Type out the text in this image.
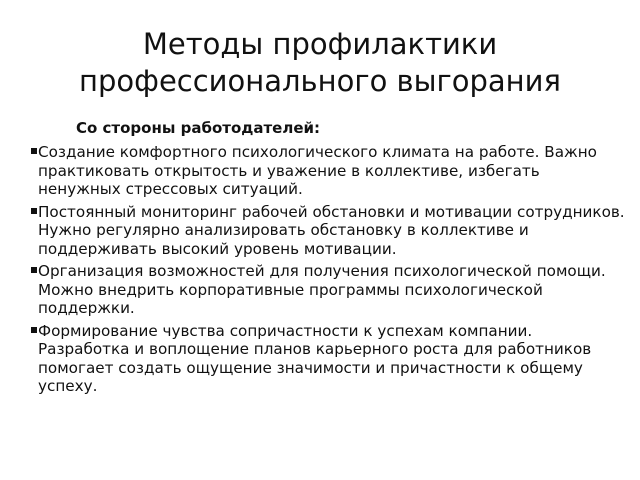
Методы профилактики
профессионального выгорания
Со стороны работодателей:
Создание комфортного психологического климата на работе. Важно практиковать открытость и уважение в коллективе, избегать ненужных стрессовых ситуаций.
Постоянный мониторинг рабочей обстановки и мотивации сотрудников. Нужно регулярно анализировать обстановку в коллективе и поддерживать высокий уровень мотивации.
Организация возможностей для получения психологической помощи. Можно внедрить корпоративные программы психологической поддержки.
Формирование чувства сопричастности к успехам компании. Разработка и воплощение планов карьерного роста для работников помогает создать ощущение значимости и причастности к общему успеху.
